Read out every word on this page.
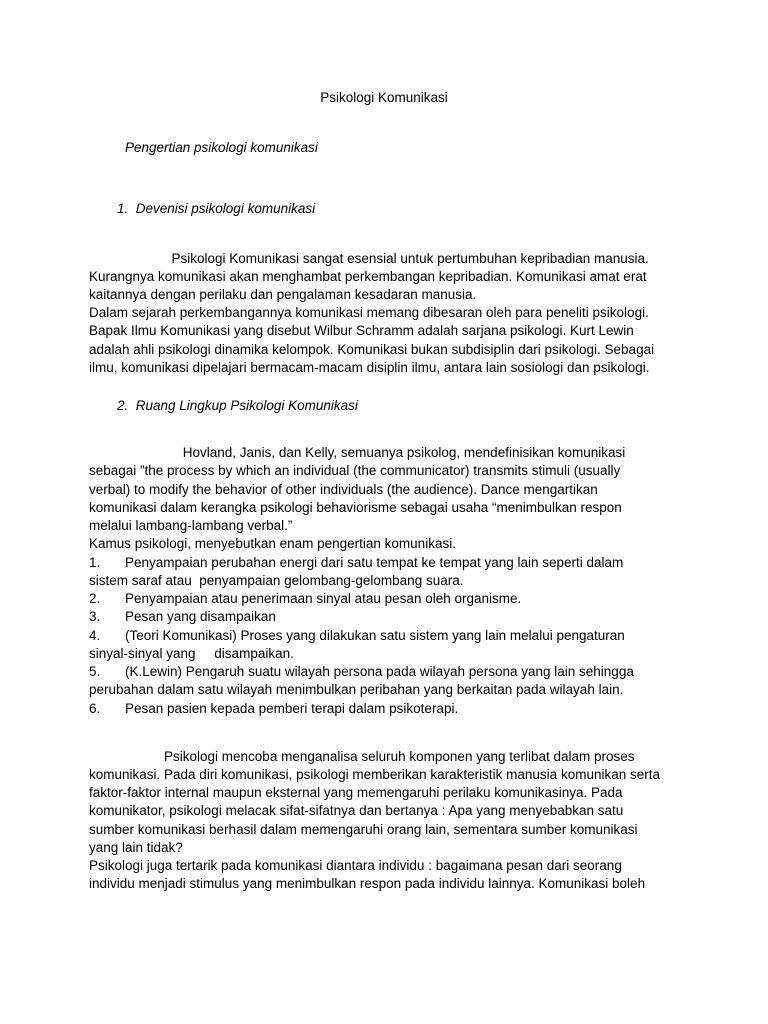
Psikologi Komunikasi

Pengertian psikologi komunikasi

1.  Devenisi psikologi komunikasi

Psikologi Komunikasi sangat esensial untuk pertumbuhan kepribadian manusia.

Kurangnya komunikasi akan menghambat perkembangan kepribadian. Komunikasi amat erat

kaitannya dengan perilaku dan pengalaman kesadaran manusia.

Dalam sejarah perkembangannya komunikasi memang dibesaran oleh para peneliti psikologi.

Bapak Ilmu Komunikasi yang disebut Wilbur Schramm adalah sarjana psikologi. Kurt Lewin

adalah ahli psikologi dinamika kelompok. Komunikasi bukan subdisiplin dari psikologi. Sebagai

ilmu, komunikasi dipelajari bermacam-macam disiplin ilmu, antara lain sosiologi dan psikologi.

2.  Ruang Lingkup Psikologi Komunikasi

Hovland, Janis, dan Kelly, semuanya psikolog, mendefinisikan komunikasi

sebagai ”the process by which an individual (the communicator) transmits stimuli (usually

verbal) to modify the behavior of other individuals (the audience). Dance mengartikan

komunikasi dalam kerangka psikologi behaviorisme sebagai usaha “menimbulkan respon

melalui lambang-lambang verbal.”

Kamus psikologi, menyebutkan enam pengertian komunikasi.

1.	Penyampaian perubahan energi dari satu tempat ke tempat yang lain seperti dalam
sistem saraf atau  penyampaian gelombang-gelombang suara.
2.	Penyampaian atau penerimaan sinyal atau pesan oleh organisme.
3.	Pesan yang disampaikan
4.	(Teori Komunikasi) Proses yang dilakukan satu sistem yang lain melalui pengaturan
sinyal-sinyal yang     disampaikan.
5.	(K.Lewin) Pengaruh suatu wilayah persona pada wilayah persona yang lain sehingga
perubahan dalam satu wilayah menimbulkan peribahan yang berkaitan pada wilayah lain.
6.	Pesan pasien kepada pemberi terapi dalam psikoterapi.

Psikologi mencoba menganalisa seluruh komponen yang terlibat dalam proses

komunikasi. Pada diri komunikasi, psikologi memberikan karakteristik manusia komunikan serta

faktor-faktor internal maupun eksternal yang memengaruhi perilaku komunikasinya. Pada

komunikator, psikologi melacak sifat-sifatnya dan bertanya : Apa yang menyebabkan satu

sumber komunikasi berhasil dalam memengaruhi orang lain, sementara sumber komunikasi

yang lain tidak?

Psikologi juga tertarik pada komunikasi diantara individu : bagaimana pesan dari seorang

individu menjadi stimulus yang menimbulkan respon pada individu lainnya. Komunikasi boleh
